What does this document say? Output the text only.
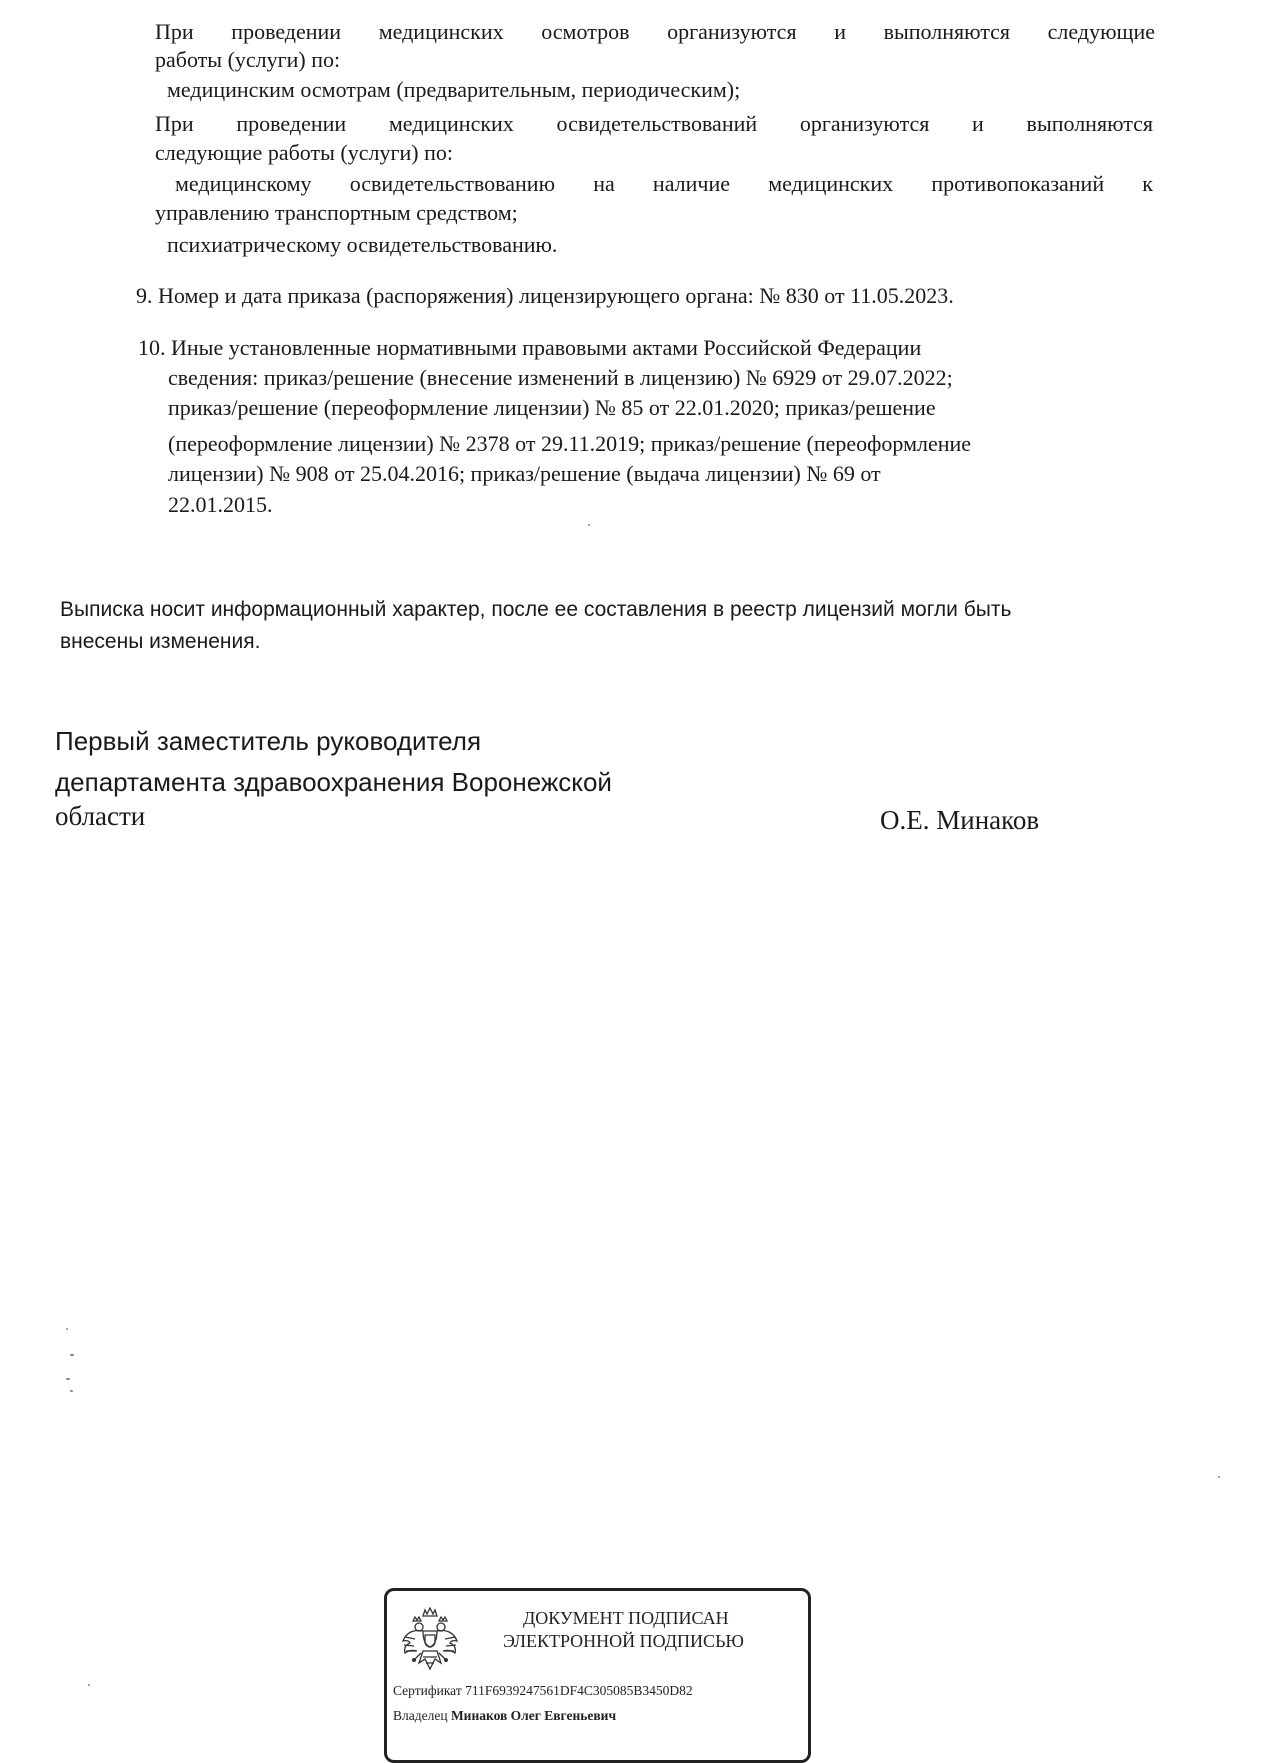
При проведении медицинских осмотров организуются и выполняются следующие
работы (услуги) по:
медицинским осмотрам (предварительным, периодическим);
При проведении медицинских освидетельствований организуются и выполняются
следующие работы (услуги) по:
медицинскому освидетельствованию на наличие медицинских противопоказаний к
управлению транспортным средством;
психиатрическому освидетельствованию.
9. Номер и дата приказа (распоряжения) лицензирующего органа: № 830 от 11.05.2023.
10. Иные установленные нормативными правовыми актами Российской Федерации
сведения: приказ/решение (внесение изменений в лицензию) № 6929 от 29.07.2022;
приказ/решение (переоформление лицензии) № 85 от 22.01.2020; приказ/решение
(переоформление лицензии) № 2378 от 29.11.2019; приказ/решение (переоформление
лицензии) № 908 от 25.04.2016; приказ/решение (выдача лицензии) № 69 от
22.01.2015.
Выписка носит информационный характер, после ее составления в реестр лицензий могли быть
внесены изменения.
Первый заместитель руководителя
департамента здравоохранения Воронежской
области	О.Е. Минаков
ДОКУМЕНТ ПОДПИСАН
ЭЛЕКТРОННОЙ ПОДПИСЬЮ
Сертификат 711F6939247561DF4C305085B3450D82
Владелец Минаков Олег Евгеньевич
